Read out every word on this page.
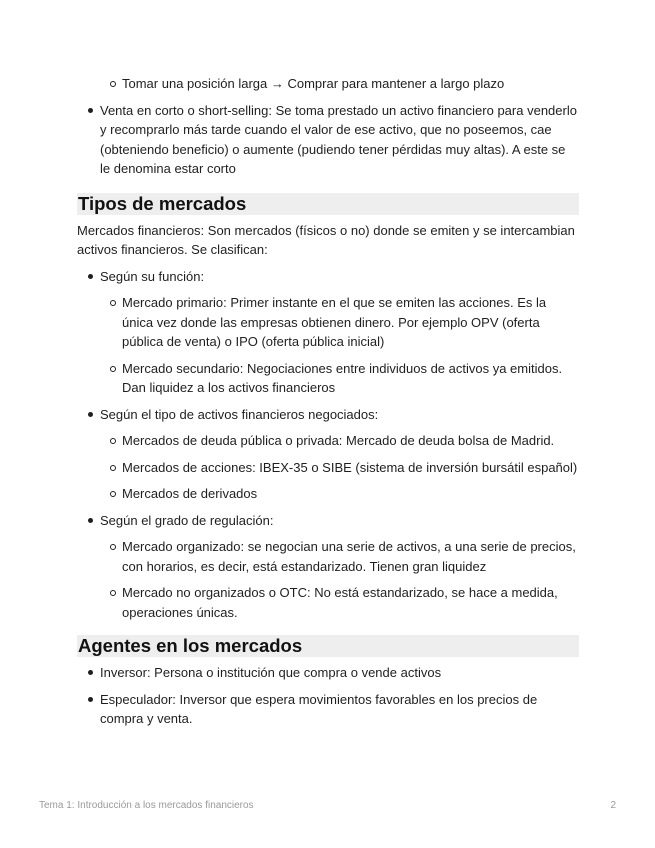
Tomar una posición larga → Comprar para mantener a largo plazo
Venta en corto o short-selling: Se toma prestado un activo financiero para venderlo y recomprarlo más tarde cuando el valor de ese activo, que no poseemos, cae (obteniendo beneficio) o aumente (pudiendo tener pérdidas muy altas). A este se le denomina estar corto
Tipos de mercados

Mercados financieros: Son mercados (físicos o no) donde se emiten y se intercambian activos financieros. Se clasifican:

Según su función:
Mercado primario: Primer instante en el que se emiten las acciones. Es la única vez donde las empresas obtienen dinero. Por ejemplo OPV (oferta pública de venta) o IPO (oferta pública inicial)
Mercado secundario: Negociaciones entre individuos de activos ya emitidos. Dan liquidez a los activos financieros
Según el tipo de activos financieros negociados:
Mercados de deuda pública o privada: Mercado de deuda bolsa de Madrid.
Mercados de acciones: IBEX-35 o SIBE (sistema de inversión bursátil español)
Mercados de derivados
Según el grado de regulación:
Mercado organizado: se negocian una serie de activos, a una serie de precios, con horarios, es decir, está estandarizado. Tienen gran liquidez
Mercado no organizados o OTC: No está estandarizado, se hace a medida, operaciones únicas.
Agentes en los mercados
Inversor: Persona o institución que compra o vende activos
Especulador: Inversor que espera movimientos favorables en los precios de compra y venta.
Tema 1: Introducción a los mercados financieros	2
